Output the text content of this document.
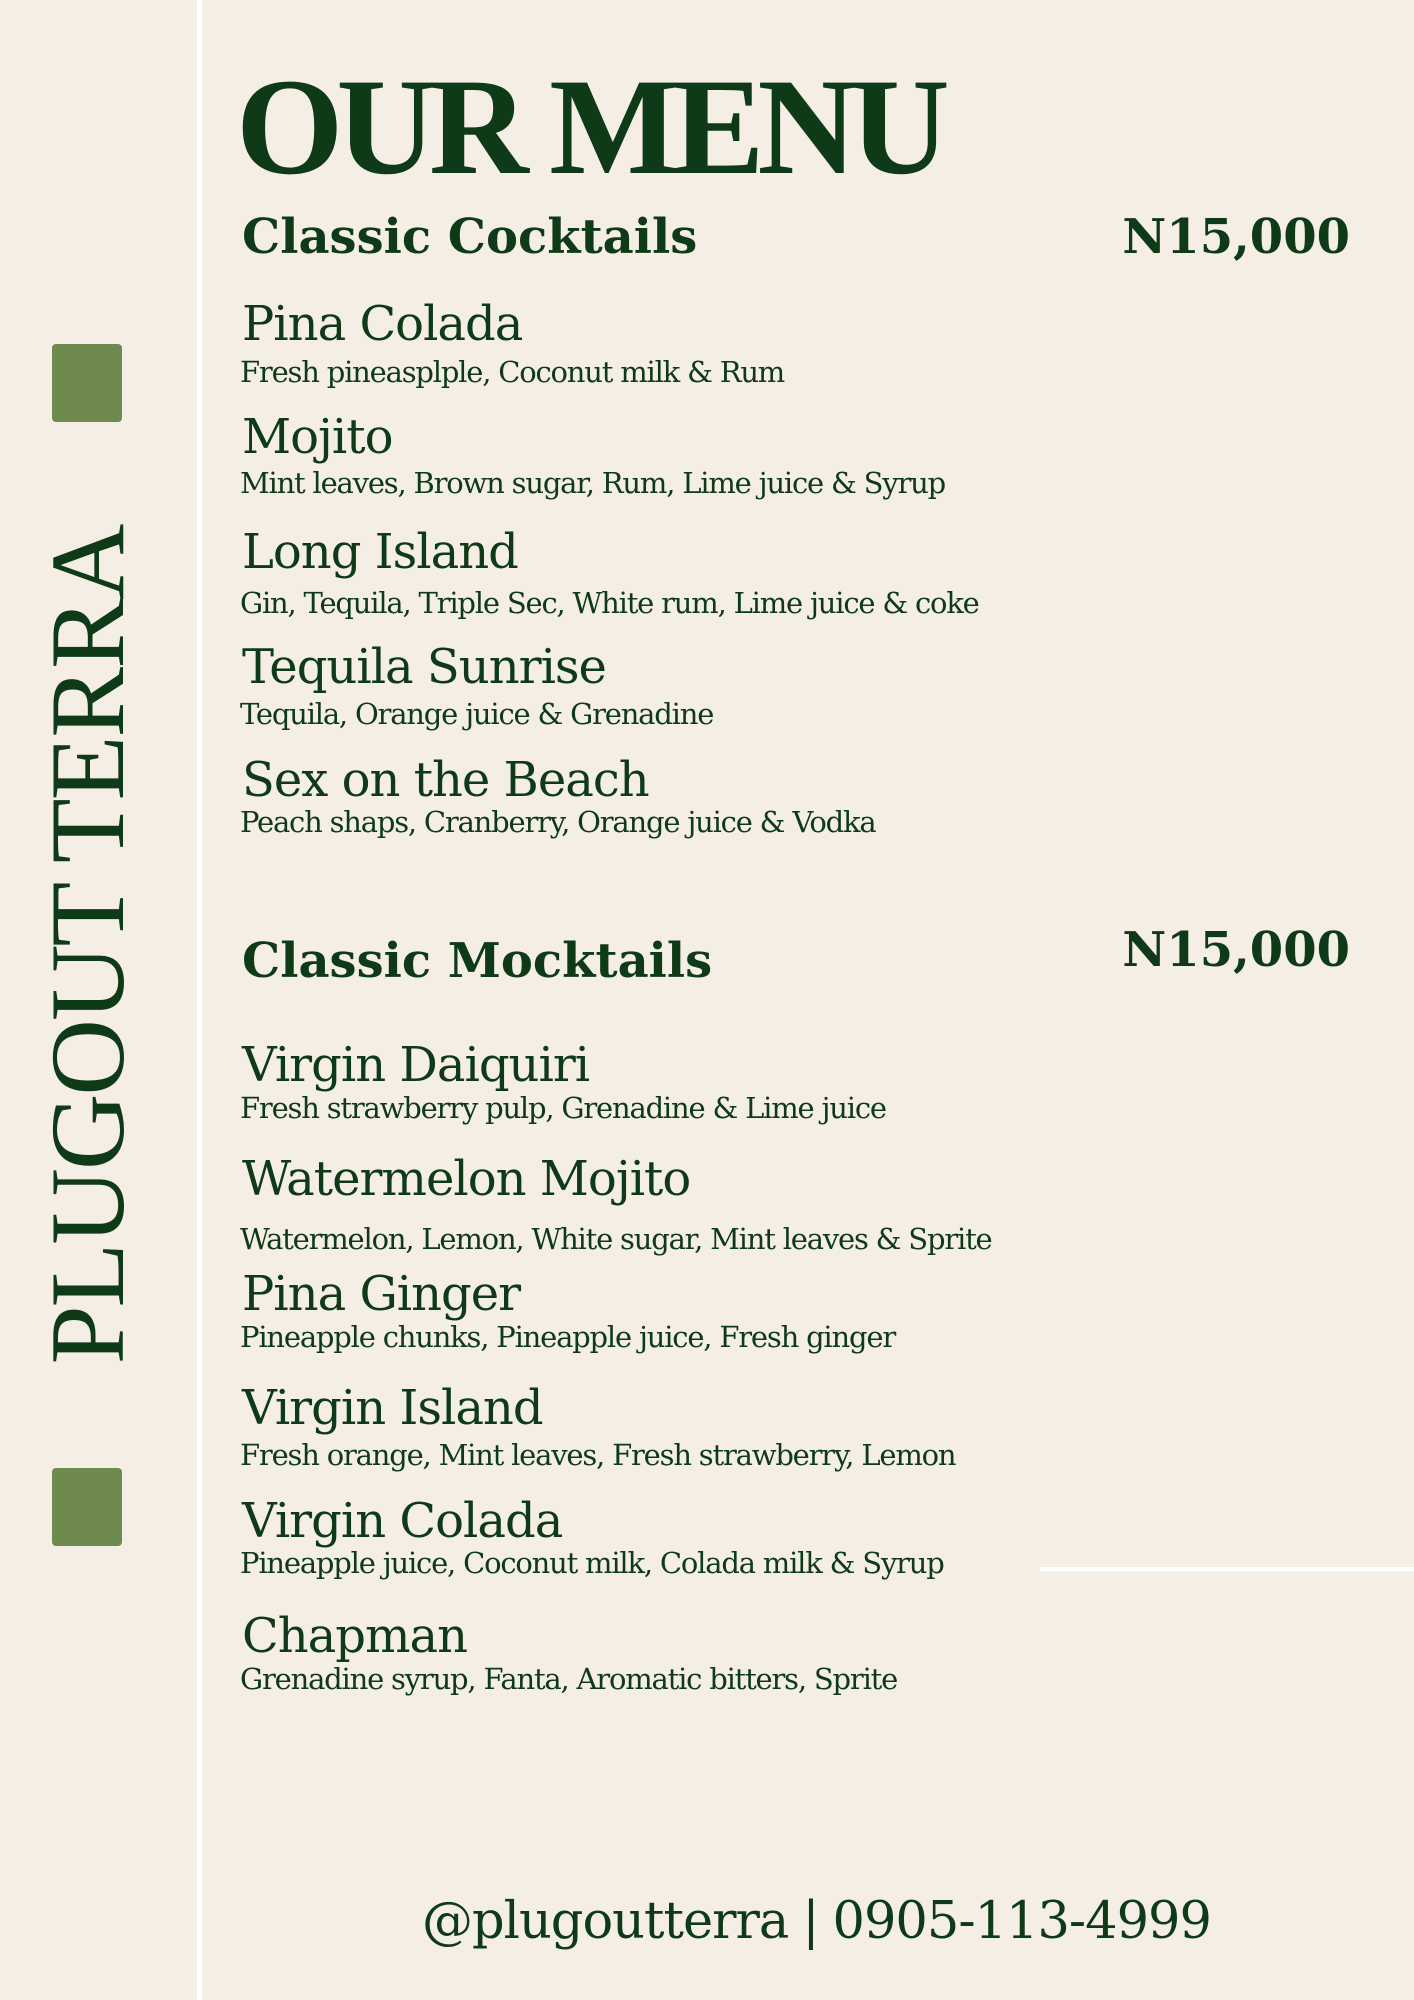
PLUGOUT TERRA
OUR MENU
Classic Cocktails	N15,000
Pina Colada
Fresh pineasplple, Coconut milk & Rum
Mojito
Mint leaves, Brown sugar, Rum, Lime juice & Syrup
Long Island
Gin, Tequila, Triple Sec, White rum, Lime juice & coke
Tequila Sunrise
Tequila, Orange juice & Grenadine
Sex on the Beach
Peach shaps, Cranberry, Orange juice & Vodka
Classic Mocktails	N15,000
Virgin Daiquiri
Fresh strawberry pulp, Grenadine & Lime juice
Watermelon Mojito
Watermelon, Lemon, White sugar, Mint leaves & Sprite
Pina Ginger
Pineapple chunks, Pineapple juice, Fresh ginger
Virgin Island
Fresh orange, Mint leaves, Fresh strawberry, Lemon
Virgin Colada
Pineapple juice, Coconut milk, Colada milk & Syrup
Chapman
Grenadine syrup, Fanta, Aromatic bitters, Sprite
@plugoutterra | 0905-113-4999
